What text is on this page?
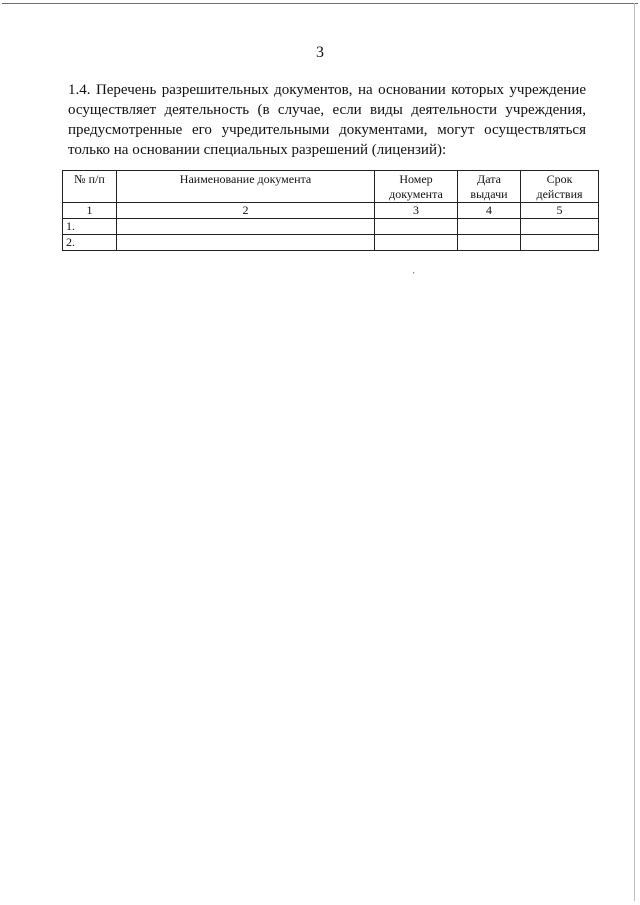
3

1.4. Перечень разрешительных документов, на основании которых учреждение осуществляет деятельность (в случае, если виды деятельности учреждения, предусмотренные его учредительными документами, могут осуществляться только на основании специальных разрешений (лицензий):

№ п/п	Наименование документа	Номер документа	Дата выдачи	Срок действия
1	2	3	4	5
1.				
2.				
ˌ
